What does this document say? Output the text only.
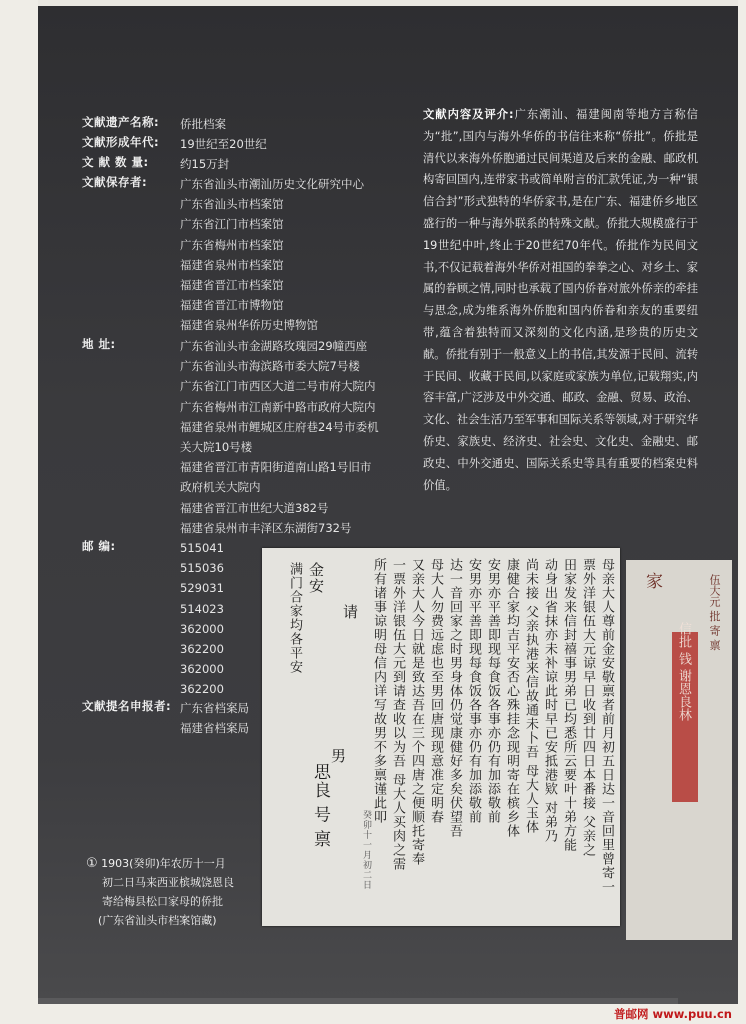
文献遗产名称:	侨批档案
文献形成年代:	19世纪至20世纪
文 献 数 量:	约15万封
文献保存者:	广东省汕头市潮汕历史文化研究中心
广东省汕头市档案馆
广东省江门市档案馆
广东省梅州市档案馆
福建省泉州市档案馆
福建省晋江市档案馆
福建省晋江市博物馆
福建省泉州华侨历史博物馆
地 址:	广东省汕头市金湖路玫瑰园29幢西座
广东省汕头市海滨路市委大院7号楼
广东省江门市西区大道二号市府大院内
广东省梅州市江南新中路市政府大院内
福建省泉州市鲤城区庄府巷24号市委机
关大院10号楼
福建省晋江市青阳街道南山路1号旧市
政府机关大院内
福建省晋江市世纪大道382号
福建省泉州市丰泽区东湖街732号
邮 编:	515041
515036
529031
514023
362000
362200
362000
362200
文献提名申报者: 广东省档案局
福建省档案局
文献内容及评介:广东潮汕、福建闽南等地方言称信为“批”,国内与海外华侨的书信往来称“侨批”。侨批是清代以来海外侨胞通过民间渠道及后来的金融、邮政机构寄回国内,连带家书或简单附言的汇款凭证,为一种“银信合封”形式独特的华侨家书,是在广东、福建侨乡地区盛行的一种与海外联系的特殊文献。侨批大规模盛行于19世纪中叶,终止于20世纪70年代。侨批作为民间文书,不仅记载着海外华侨对祖国的拳拳之心、对乡土、家属的眷顾之情,同时也承载了国内侨眷对旅外侨亲的牵挂与思念,成为维系海外侨胞和国内侨眷和亲友的重要纽带,蕴含着独特而又深刻的文化内涵,是珍贵的历史文献。侨批有别于一般意义上的书信,其发源于民间、流转于民间、收藏于民间,以家庭或家族为单位,记载翔实,内容丰富,广泛涉及中外交通、邮政、金融、贸易、政治、文化、社会生活乃至军事和国际关系等领域,对于研究华侨史、家族史、经济史、社会史、文化史、金融史、邮政史、中外交通史、国际关系史等具有重要的档案史料价值。
母亲大人尊前金安敬禀者前月初五日达一音回里曾寄一
票外洋银伍大元谅早日收到廿四日本番接 父亲之
田家发来信封禧事男弟已均悉所云要叶十弟方能
动身出省抹亦未补谅此时早已安抵港欵 对弟乃
尚未接 父亲执港来信故通未卜吾 母大人玉体
康健合家均吉平安否心殊挂念现明寄在槟乡体
安男亦平善即现每食饭各事亦仍有加添敬前
安男亦平善即现每食饭各事亦仍有加添敬前
达一音回家之时男身体仍觉康健好多矣伏望吾
母大人勿费远虑也至男回唐现现意准定明春
又亲大人今日就是致达吾在三个四唐之便顺托寄奉
一票外洋银伍大元到请查收以为吾 母大人买肉之需
所有诸事谅明母信内详写故男不多禀谨此叩
请
金安
满门合家均各平安
男
思良 号 禀
癸卯十一月初二日
家
信批 钱 谢恩良林
伍大元 批 寄 禀
① 1903(癸卯)年农历十一月
初二日马来西亚槟城饶恩良
寄给梅县松口家母的侨批
(广东省汕头市档案馆藏)
普邮网 www.puu.cn
